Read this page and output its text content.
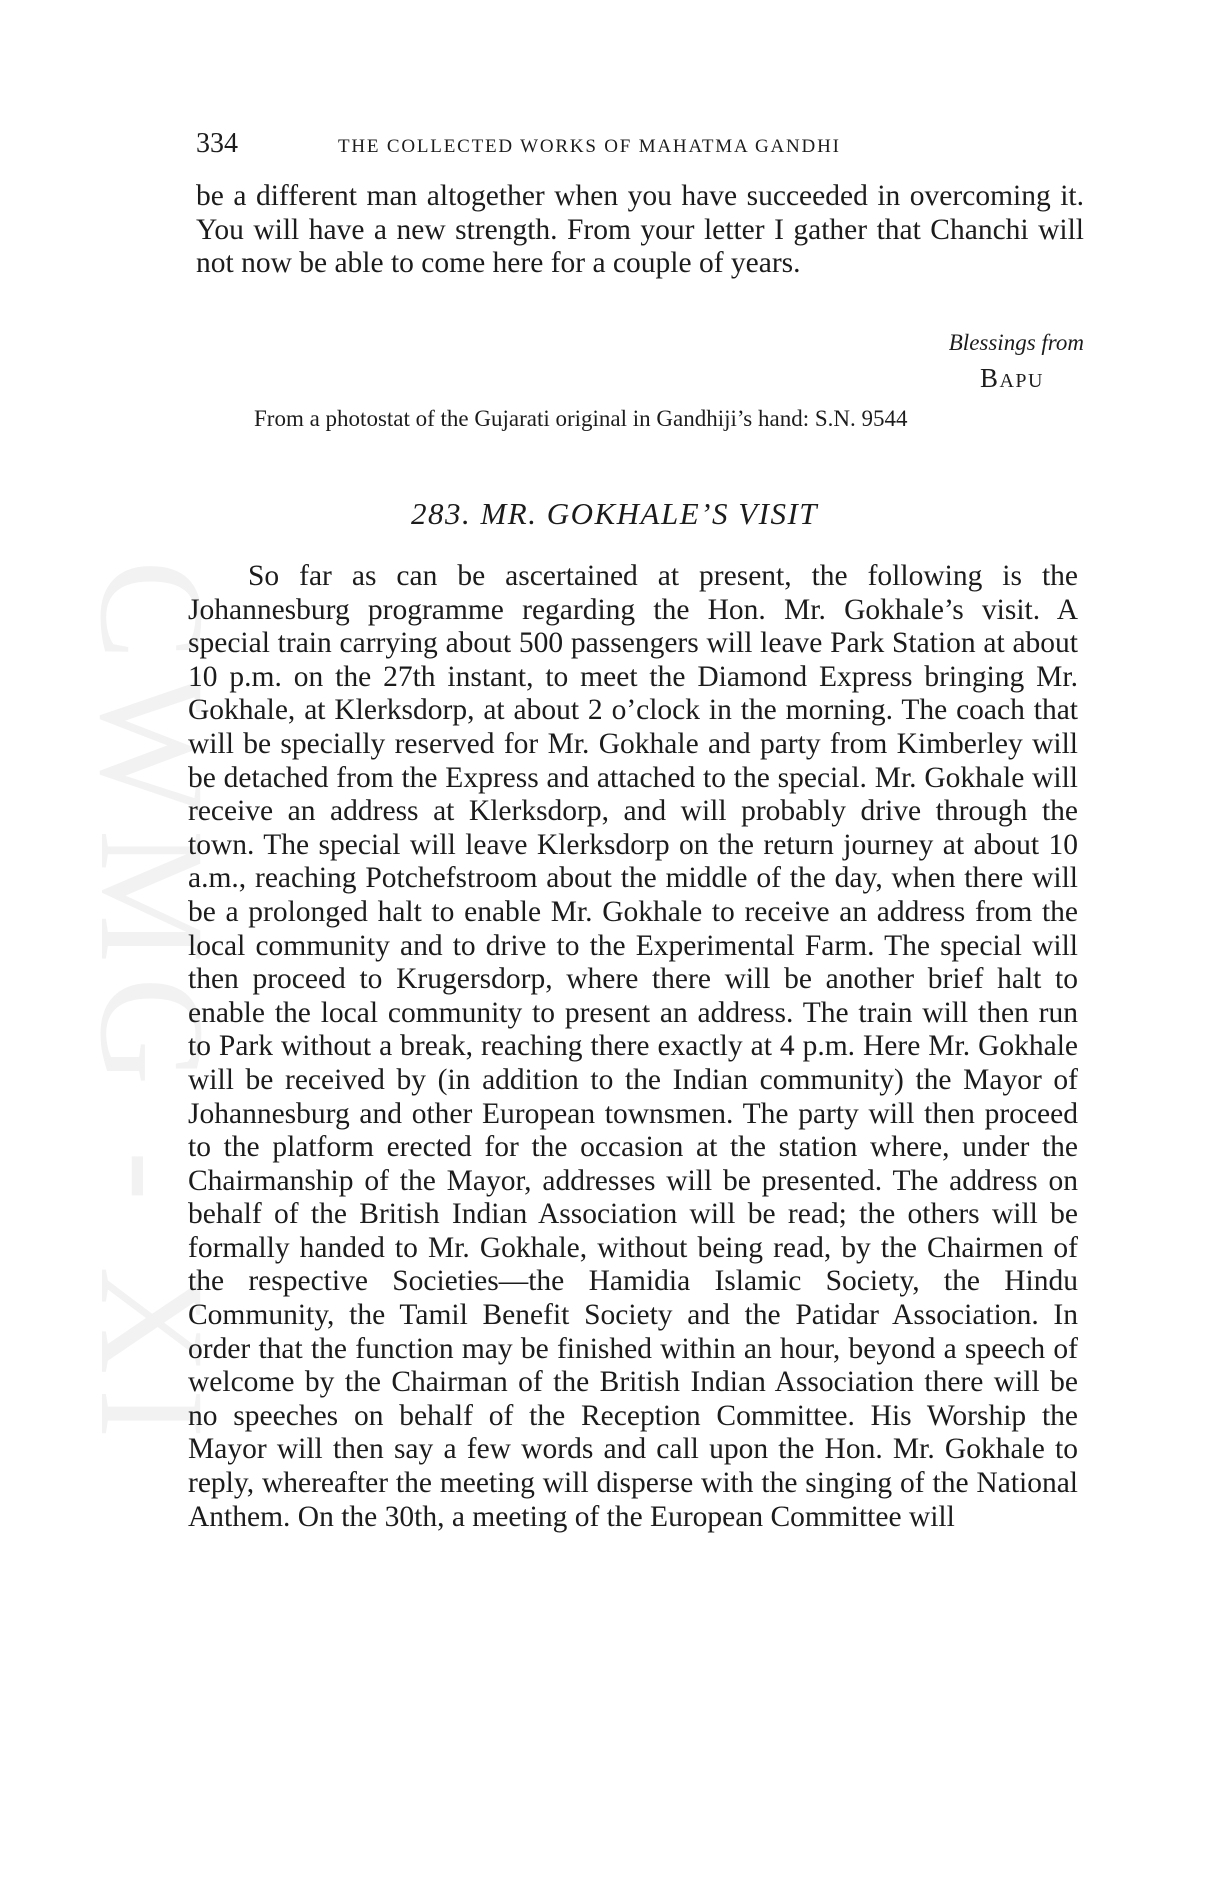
CWMG - XI
334	THE COLLECTED WORKS OF MAHATMA GANDHI

be a different man altogether when you have succeeded in overcoming it. You will have a new strength. From your letter I gather that Chanchi will not now be able to come here for a couple of years.

Blessings from
BAPU
From a photostat of the Gujarati original in Gandhiji’s hand: S.N. 9544
283. MR. GOKHALE’S VISIT

So far as can be ascertained at present, the following is the Johannesburg programme regarding the Hon. Mr. Gokhale’s visit. A special train carrying about 500 passengers will leave Park Station at about 10 p.m. on the 27th instant, to meet the Diamond Express bringing Mr. Gokhale, at Klerksdorp, at about 2 o’clock in the morning. The coach that will be specially reserved for Mr. Gokhale and party from Kimberley will be detached from the Express and attached to the special. Mr. Gokhale will receive an address at Klerksdorp, and will probably drive through the town. The special will leave Klerksdorp on the return journey at about 10 a.m., reaching Potchefstroom about the middle of the day, when there will be a prolonged halt to enable Mr. Gokhale to receive an address from the local community and to drive to the Experimental Farm. The special will then proceed to Krugersdorp, where there will be another brief halt to enable the local community to present an address. The train will then run to Park without a break, reaching there exactly at 4 p.m. Here Mr. Gokhale will be received by (in addition to the Indian community) the Mayor of Johannesburg and other European townsmen. The party will then proceed to the platform erected for the occasion at the station where, under the Chairmanship of the Mayor, addresses will be presented. The address on behalf of the British Indian Association will be read; the others will be formally handed to Mr. Gokhale, without being read, by the Chairmen of the respective Societies—the Hamidia Islamic Society, the Hindu Community, the Tamil Benefit Society and the Patidar Association. In order that the function may be finished within an hour, beyond a speech of welcome by the Chairman of the British Indian Association there will be no speeches on behalf of the Reception Committee. His Worship the Mayor will then say a few words and call upon the Hon. Mr. Gokhale to reply, whereafter the meeting will disperse with the singing of the National Anthem. On the 30th, a meeting of the European Committee will
